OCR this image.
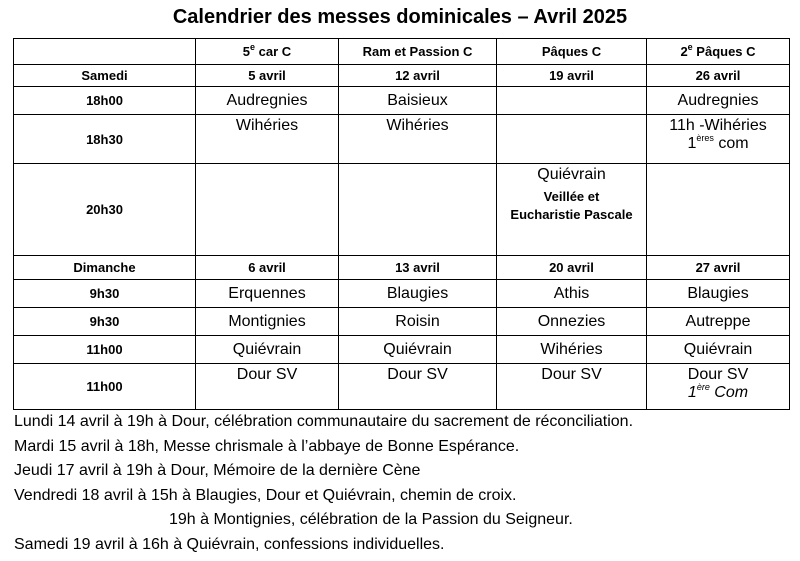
Calendrier des messes dominicales – Avril 2025
	5e car C	Ram et Passion C	Pâques C	2e Pâques C
Samedi	5 avril	12 avril	19 avril	26 avril
18h00	Audregnies	Baisieux		Audregnies
18h30	Wihéries	Wihéries		11h -Wihéries
1ères com

20h30			Quiévrain
Veillée et
Eucharistie Pascale	

Dimanche	6 avril	13 avril	20 avril	27 avril
9h30	Erquennes	Blaugies	Athis	Blaugies
9h30	Montignies	Roisin	Onnezies	Autreppe
11h00	Quiévrain	Quiévrain	Wihéries	Quiévrain
11h00	Dour SV	Dour SV	Dour SV	Dour SV
1ère Com
Lundi 14 avril à 19h à Dour, célébration communautaire du sacrement de réconciliation.
Mardi 15 avril à 18h, Messe chrismale à l’abbaye de Bonne Espérance.
Jeudi 17 avril à 19h à Dour, Mémoire de la dernière Cène
Vendredi 18 avril à 15h à Blaugies, Dour et Quiévrain, chemin de croix.
19h à Montignies, célébration de la Passion du Seigneur.
Samedi 19 avril à 16h à Quiévrain, confessions individuelles.
